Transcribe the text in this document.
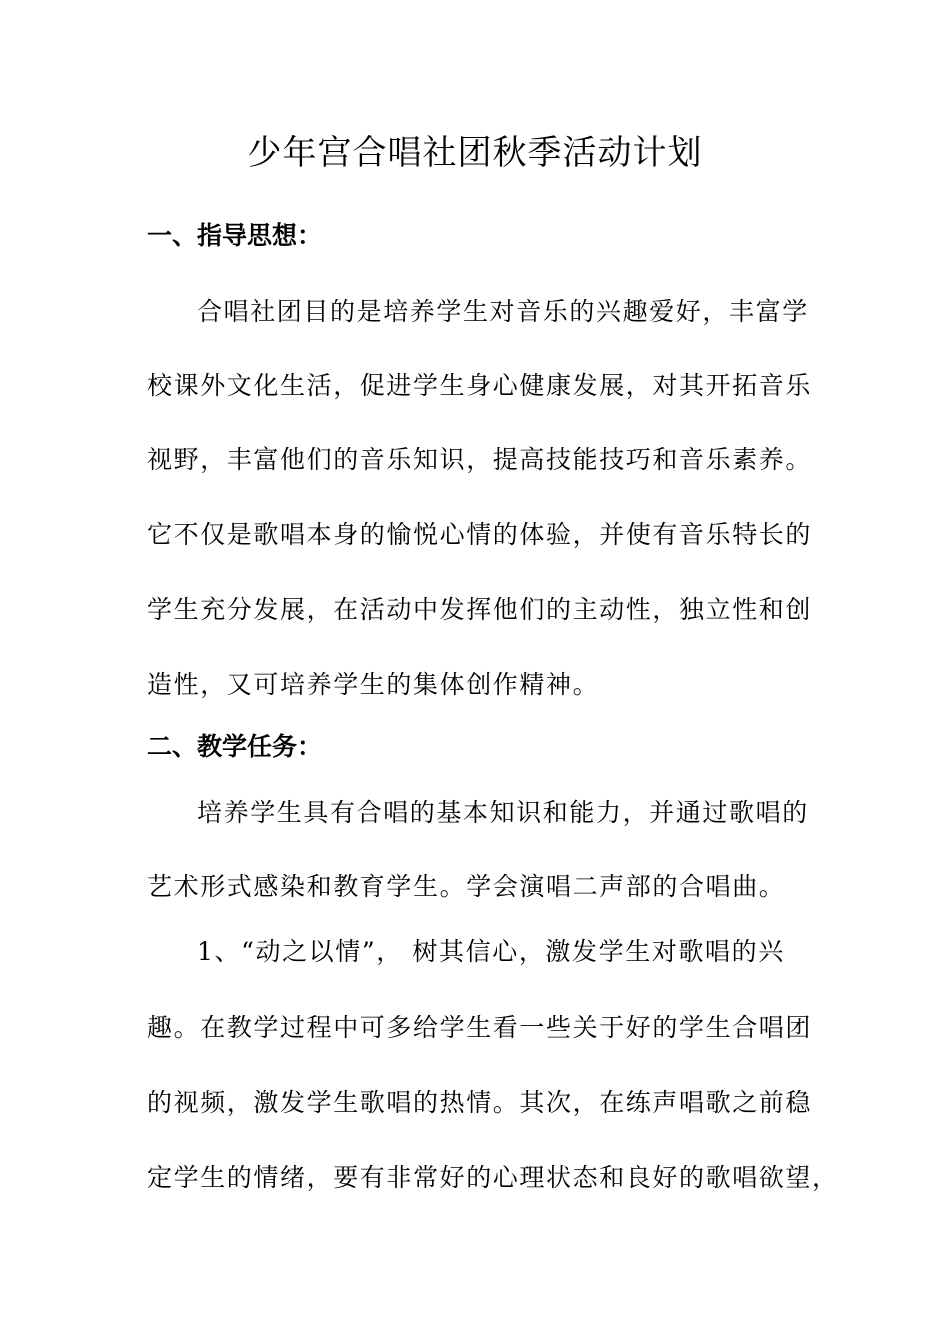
少年宫合唱社团秋季活动计划
一、指导思想：

合唱社团目的是培养学生对音乐的兴趣爱好，丰富学

校课外文化生活，促进学生身心健康发展，对其开拓音乐

视野，丰富他们的音乐知识，提高技能技巧和音乐素养。

它不仅是歌唱本身的愉悦心情的体验，并使有音乐特长的

学生充分发展，在活动中发挥他们的主动性，独立性和创

造性，又可培养学生的集体创作精神。

二、教学任务：

培养学生具有合唱的基本知识和能力，并通过歌唱的

艺术形式感染和教育学生。学会演唱二声部的合唱曲。

1、“动之以情”， 树其信心，激发学生对歌唱的兴

趣。在教学过程中可多给学生看一些关于好的学生合唱团

的视频，激发学生歌唱的热情。其次，在练声唱歌之前稳

定学生的情绪，要有非常好的心理状态和良好的歌唱欲望，
